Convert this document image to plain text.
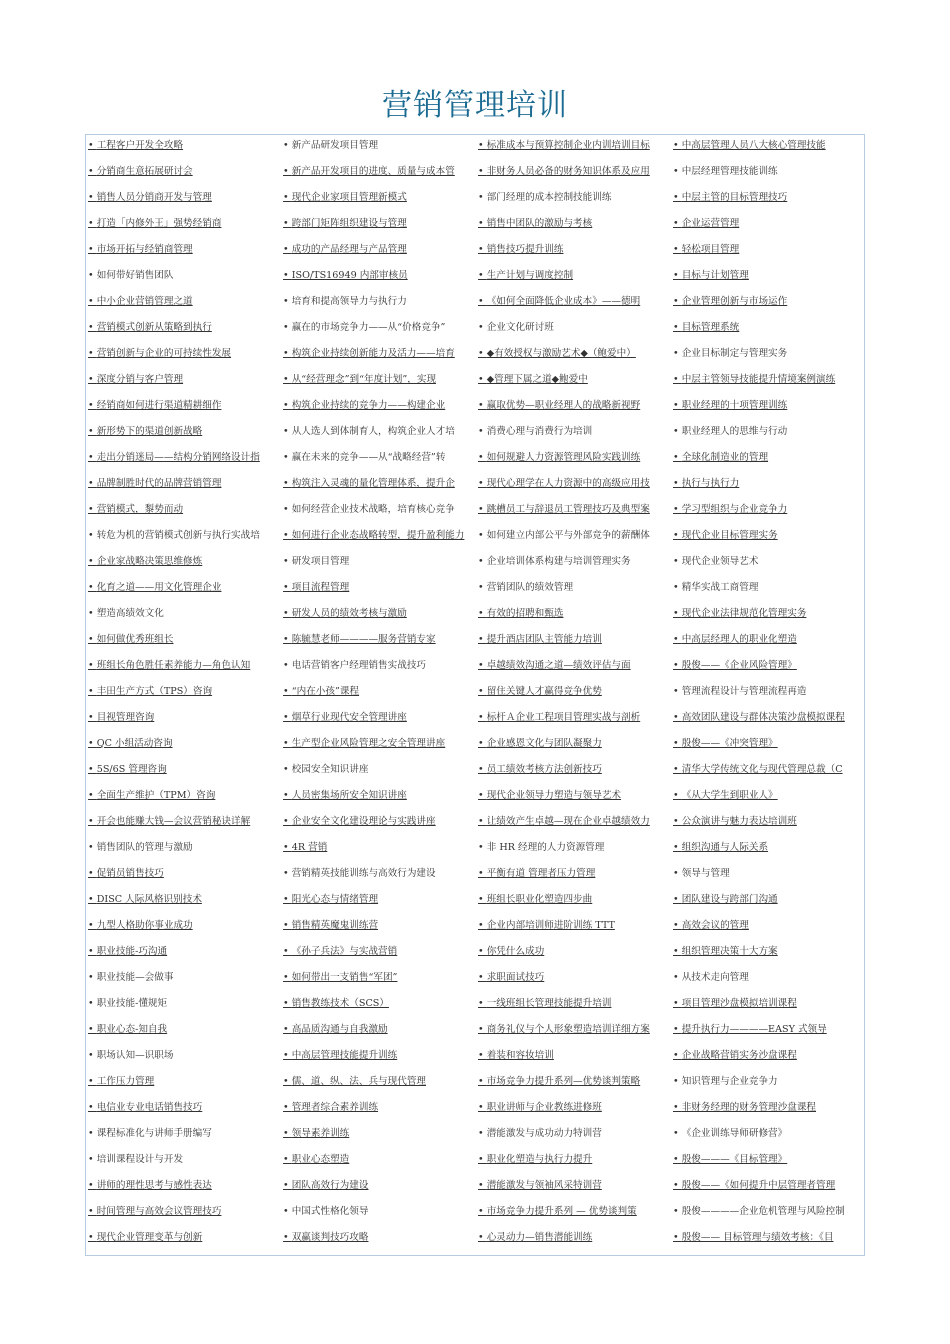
营销管理培训
• 工程客户开发全攻略
• 分销商生意拓展研讨会
• 销售人员分销商开发与管理
• 打造「内修外王」强势经销商
• 市场开拓与经销商管理
• 如何带好销售团队
• 中小企业营销管理之道
• 营销模式创新从策略到执行
• 营销创新与企业的可持续性发展
• 深度分销与客户管理
• 经销商如何进行渠道精耕细作
• 新形势下的渠道创新战略
• 走出分销迷局——结构分销网络设计指
• 品牌制胜时代的品牌营销管理
• 营销模式，㴝势而动
• 转危为机的营销模式创新与执行实战培
• 企业家战略决策思维修炼
• 化育之道——用文化管理企业
• 塑造高绩效文化
• 如何做优秀班组长
• 班组长角色胜任素养能力—角色认知
• 丰田生产方式（TPS）咨询
• 目视管理咨询
• QC 小组活动咨询
• 5S/6S 管理咨询
• 全面生产维护（TPM）咨询
• 开会也能赚大钱—会议营销秘诀详解
• 销售团队的管理与激励
• 促销员销售技巧
• DISC 人际风格识别技术
• 九型人格助你事业成功
• 职业技能-巧沟通
• 职业技能—会做事
• 职业技能-懂规矩
• 职业心态-知自我
• 职场认知—识职场
• 工作压力管理
• 电信业专业电话销售技巧
• 课程标准化与讲师手册编写
• 培训课程设计与开发
• 讲师的理性思考与感性表达
• 时间管理与高效会议管理技巧
• 现代企业管理变革与创新
• 新产品研发项目管理
• 新产品开发项目的进度、质量与成本管
• 现代企业家项目管理新模式
• 跨部门矩阵组织建设与管理
• 成功的产品经理与产品管理
• ISO/TS16949 内部审核员
• 培育和提高领导力与执行力
• 赢在的市场竞争力——从“价格竞争”
• 构筑企业持续创新能力及活力——培育
• 从“经营理念”到“年度计划”，实现
• 构筑企业持续的竞争力——构建企业
• 从人选人到体制育人，构筑企业人才培
• 赢在未来的竞争——从“战略经营”转
• 构筑注入灵魂的量化管理体系，提升企
• 如何经营企业技术战略，培育核心竞争
• 如何进行企业态战略转型，提升盈利能力
• 研发项目管理
• 项目流程管理
• 研发人员的绩效考核与激励
• 陈毓慧老师————服务营销专家
• 电话营销客户经理销售实战技巧
• “内在小孩”课程
• 烟草行业现代安全管理讲座
• 生产型企业风险管理之安全管理讲座
• 校园安全知识讲座
• 人员密集场所安全知识讲座
• 企业安全文化建设理论与实践讲座
• 4R 营销
• 营销精英技能训练与高效行为建设
• 阳光心态与情绪管理
• 销售精英魔鬼训练营
• 《孙子兵法》与实战营销
• 如何带出一支销售“军团”
• 销售教练技术（SCS）
• 高品质沟通与自我激励
• 中高层管理技能提升训练
• 儒、道、纵、法、兵与现代管理
• 管理者综合素养训练
• 领导素养训练
• 职业心态塑造
• 团队高效行为建设
• 中国式性格化领导
• 双赢谈判技巧攻略
• 标准成本与预算控制企业内训培训目标
• 非财务人员必备的财务知识体系及应用
• 部门经理的成本控制技能训练
• 销售中团队的激励与考核
• 销售技巧提升训练
• 生产计划与调度控制
• 《如何全面降低企业成本》——德明
• 企业文化研讨班
• ◆有效授权与激励艺术◆（鲍爱中）
• ◆管理下属之道◆鲍爱中
• 赢取优势—职业经理人的战略新视野
• 消费心理与消费行为培训
• 如何规避人力资源管理风险实践训练
• 现代心理学在人力资源中的高级应用技
• 跳槽员工与辞退员工管理技巧及典型案
• 如何建立内部公平与外部竞争的薪酬体
• 企业培训体系构建与培训管理实务
• 营销团队的绩效管理
• 有效的招聘和甄选
• 提升酒店团队主管能力培训
• 卓越绩效沟通之道—绩效评估与面
• 留住关键人才赢得竞争优势
• 标杆Ａ企业工程项目管理实战与剖析
• 企业感恩文化与团队凝聚力
• 员工绩效考核方法创新技巧
• 现代企业领导力塑造与领导艺术
• 让绩效产生卓越—现在企业卓越绩效力
• 非 HR 经理的人力资源管理
• 平衡有道 管理者压力管理
• 班组长职业化塑造四步曲
• 企业内部培训师进阶训练 TTT
• 你凭什么成功
• 求职面试技巧
• 一线班组长管理技能提升培训
• 商务礼仪与个人形象塑造培训详细方案
• 着装和容妆培训
• 市场竞争力提升系列—优势谈判策略
• 职业讲师与企业教练进修班
• 潜能激发与成功动力特训营
• 职业化塑造与执行力提升
• 潜能激发与领袖风采特训营
• 市场竞争力提升系列 — 优势谈判策
• 心灵动力—销售潜能训练
• 中高层管理人员八大核心管理技能
• 中层经理管理技能训练
• 中层主管的目标管理技巧
• 企业运营管理
• 轻松项目管理
• 目标与计划管理
• 企业管理创新与市场运作
• 目标管理系统
• 企业目标制定与管理实务
• 中层主管领导技能提升情境案例演练
• 职业经理的十项管理训练
• 职业经理人的思维与行动
• 全球化制造业的管理
• 执行与执行力
• 学习型组织与企业竞争力
• 现代企业目标管理实务
• 现代企业领导艺术
• 精华实战工商管理
• 现代企业法律规范化管理实务
• 中高层经理人的职业化塑造
• 殷俊——《企业风险管理》
• 管理流程设计与管理流程再造
• 高效团队建设与群体决策沙盘模拟课程
• 殷俊——《冲突管理》
• 清华大学传统文化与现代管理总裁（C
• 《从大学生到职业人》
• 公众演讲与魅力表达培训班
• 组织沟通与人际关系
• 领导与管理
• 团队建设与跨部门沟通
• 高效会议的管理
• 组织管理决策十大方案
• 从技术走向管理
• 项目管理沙盘模拟培训课程
• 提升执行力————EASY 式领导
• 企业战略营销实务沙盘课程
• 知识管理与企业竞争力
• 非财务经理的财务管理沙盘课程
• 《企业训练导师研修营》
• 殷俊———《目标管理》
• 殷俊——《如何提升中层管理者管理
• 殷俊————企业危机管理与风险控制
• 殷俊—— 目标管理与绩效考核：《目
